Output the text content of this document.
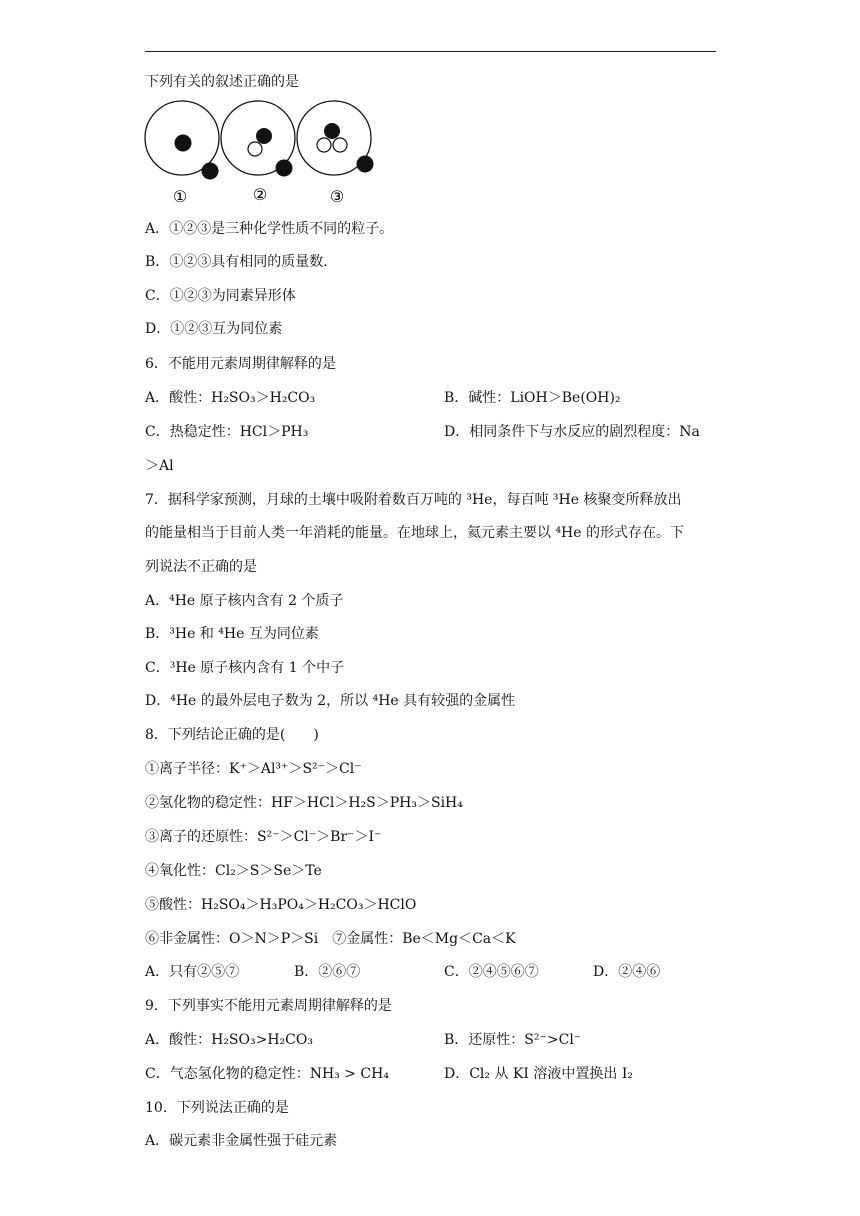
下列有关的叙述正确的是
①	②	③
A．①②③是三种化学性质不同的粒子。
B．①②③具有相同的质量数.
C．①②③为同素异形体
D．①②③互为同位素
6．不能用元素周期律解释的是
A．酸性：H₂SO₃＞H₂CO₃	B．碱性：LiOH＞Be(OH)₂
C．热稳定性：HCl＞PH₃	D．相同条件下与水反应的剧烈程度：Na
＞Al
7．据科学家预测，月球的土壤中吸附着数百万吨的 ³He，每百吨 ³He 核聚变所释放出
的能量相当于目前人类一年消耗的能量。在地球上，氦元素主要以 ⁴He 的形式存在。下
列说法不正确的是
A．⁴He 原子核内含有 2 个质子
B．³He 和 ⁴He 互为同位素
C．³He 原子核内含有 1 个中子
D．⁴He 的最外层电子数为 2，所以 ⁴He 具有较强的金属性
8．下列结论正确的是(　　)
①离子半径：K⁺＞Al³⁺＞S²⁻＞Cl⁻
②氢化物的稳定性：HF＞HCl＞H₂S＞PH₃＞SiH₄
③离子的还原性：S²⁻＞Cl⁻＞Br⁻＞I⁻
④氧化性：Cl₂＞S＞Se＞Te
⑤酸性：H₂SO₄＞H₃PO₄＞H₂CO₃＞HClO
⑥非金属性：O＞N＞P＞Si　⑦金属性：Be＜Mg＜Ca＜K
A．只有②⑤⑦	B．②⑥⑦	C．②④⑤⑥⑦	D．②④⑥
9．下列事实不能用元素周期律解释的是
A．酸性：H₂SO₃>H₂CO₃	B．还原性：S²⁻>Cl⁻
C．气态氢化物的稳定性：NH₃ > CH₄	D．Cl₂ 从 KI 溶液中置换出 I₂
10．下列说法正确的是
A．碳元素非金属性强于硅元素
